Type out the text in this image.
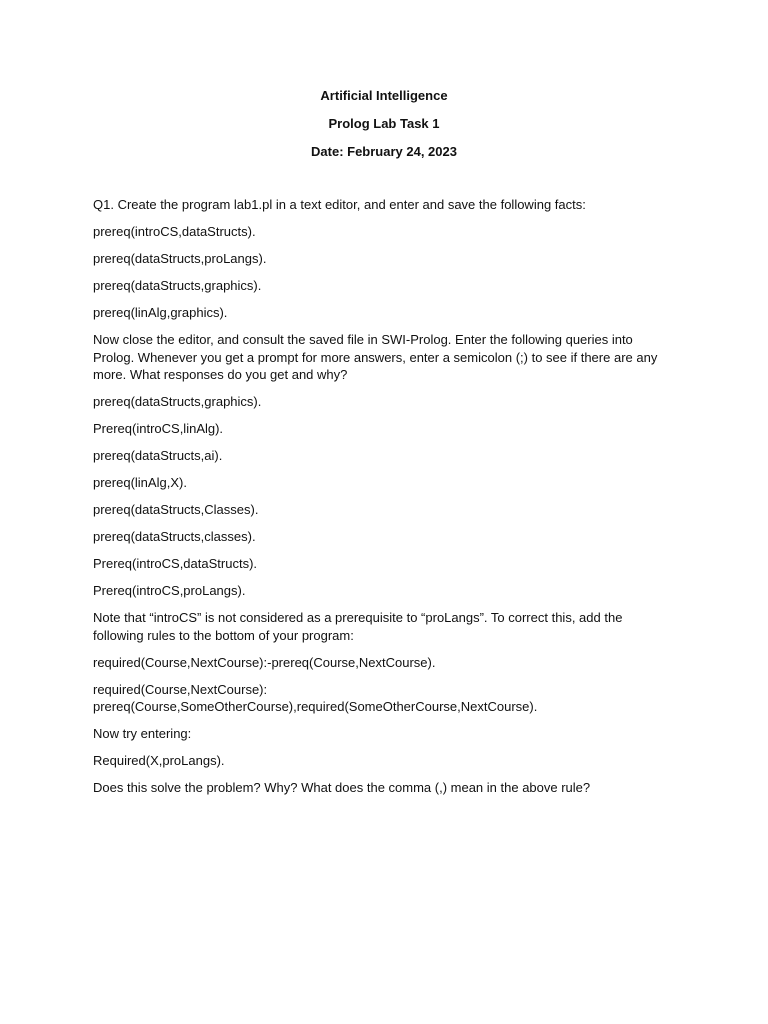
Artificial Intelligence
Prolog Lab Task 1
Date: February 24, 2023

Q1. Create the program lab1.pl in a text editor, and enter and save the following facts:

prereq(introCS,dataStructs).

prereq(dataStructs,proLangs).

prereq(dataStructs,graphics).

prereq(linAlg,graphics).

Now close the editor, and consult the saved file in SWI-Prolog. Enter the following queries into Prolog. Whenever you get a prompt for more answers, enter a semicolon (;) to see if there are any more. What responses do you get and why?

prereq(dataStructs,graphics).

Prereq(introCS,linAlg).

prereq(dataStructs,ai).

prereq(linAlg,X).

prereq(dataStructs,Classes).

prereq(dataStructs,classes).

Prereq(introCS,dataStructs).

Prereq(introCS,proLangs).

Note that “introCS” is not considered as a prerequisite to “proLangs”. To correct this, add the following rules to the bottom of your program:

required(Course,NextCourse):-prereq(Course,NextCourse).

required(Course,NextCourse):
prereq(Course,SomeOtherCourse),required(SomeOtherCourse,NextCourse).

Now try entering:

Required(X,proLangs).

Does this solve the problem? Why? What does the comma (,) mean in the above rule?
